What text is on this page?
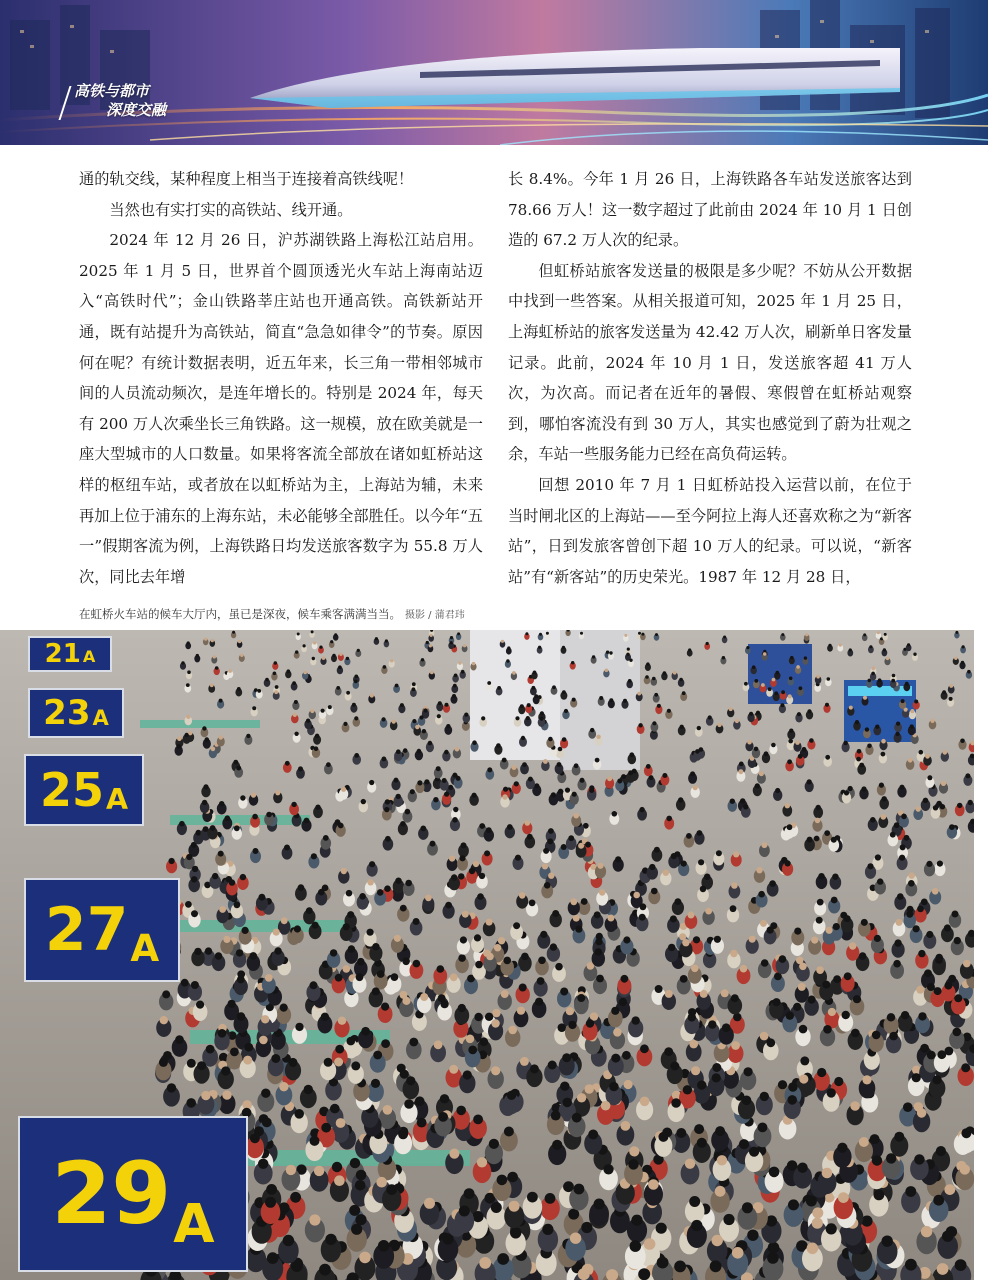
高铁与都市
深度交融

通的轨交线，某种程度上相当于连接着高铁线呢！

当然也有实打实的高铁站、线开通。

2024 年 12 月 26 日，沪苏湖铁路上海松江站启用。2025 年 1 月 5 日，世界首个圆顶透光火车站上海南站迈入“高铁时代”；金山铁路莘庄站也开通高铁。高铁新站开通，既有站提升为高铁站，简直“急急如律令”的节奏。原因何在呢？有统计数据表明，近五年来，长三角一带相邻城市间的人员流动频次，是连年增长的。特别是 2024 年，每天有 200 万人次乘坐长三角铁路。这一规模，放在欧美就是一座大型城市的人口数量。如果将客流全部放在诸如虹桥站这样的枢纽车站，或者放在以虹桥站为主，上海站为辅，未来再加上位于浦东的上海东站，未必能够全部胜任。以今年“五一”假期客流为例，上海铁路日均发送旅客数字为 55.8 万人次，同比去年增

长 8.4%。今年 1 月 26 日，上海铁路各车站发送旅客达到 78.66 万人！这一数字超过了此前由 2024 年 10 月 1 日创造的 67.2 万人次的纪录。

但虹桥站旅客发送量的极限是多少呢？不妨从公开数据中找到一些答案。从相关报道可知，2025 年 1 月 25 日，上海虹桥站的旅客发送量为 42.42 万人次，刷新单日客发量记录。此前，2024 年 10 月 1 日，发送旅客超 41 万人次，为次高。而记者在近年的暑假、寒假曾在虹桥站观察到，哪怕客流没有到 30 万人，其实也感觉到了蔚为壮观之余，车站一些服务能力已经在高负荷运转。

回想 2010 年 7 月 1 日虹桥站投入运营以前，在位于当时闸北区的上海站——至今阿拉上海人还喜欢称之为“新客站”，日到发旅客曾创下超 10 万人的纪录。可以说，“新客站”有“新客站”的历史荣光。1987 年 12 月 28 日，

在虹桥火车站的候车大厅内，虽已是深夜，候车乘客满满当当。 摄影 / 蒲君玮
21 A
23 A
25 A
27 A
29 A
